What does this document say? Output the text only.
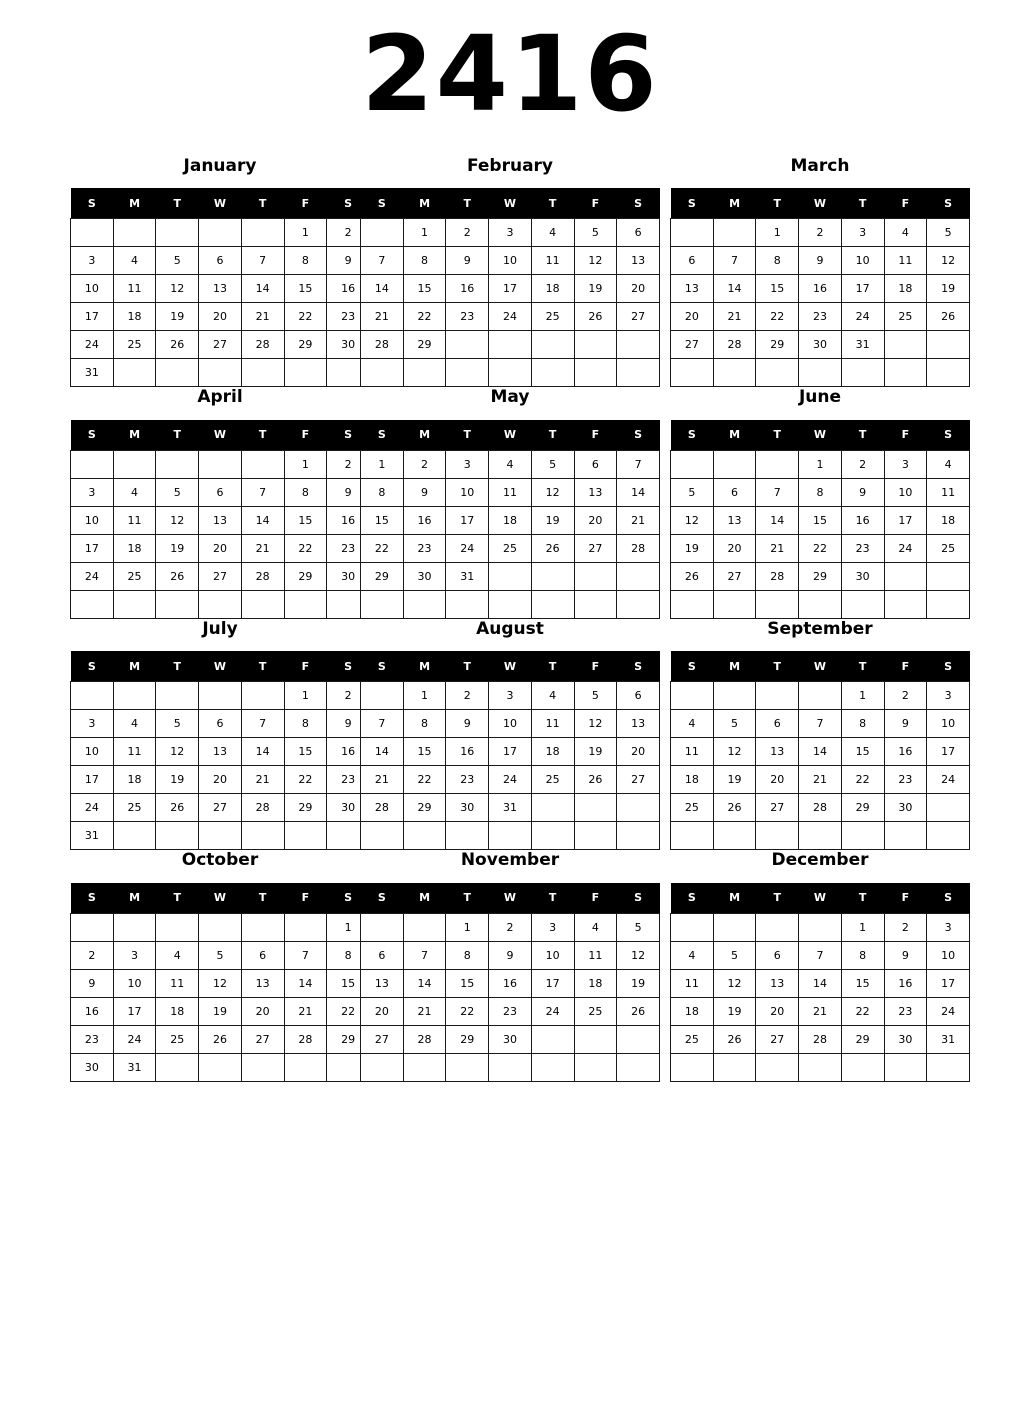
2416
January
S	M	T	W	T	F	S
					1	2
3	4	5	6	7	8	9
10	11	12	13	14	15	16
17	18	19	20	21	22	23
24	25	26	27	28	29	30
31						
February
S	M	T	W	T	F	S
	1	2	3	4	5	6
7	8	9	10	11	12	13
14	15	16	17	18	19	20
21	22	23	24	25	26	27
28	29					

March
S	M	T	W	T	F	S
		1	2	3	4	5
6	7	8	9	10	11	12
13	14	15	16	17	18	19
20	21	22	23	24	25	26
27	28	29	30	31		

April
S	M	T	W	T	F	S
					1	2
3	4	5	6	7	8	9
10	11	12	13	14	15	16
17	18	19	20	21	22	23
24	25	26	27	28	29	30

May
S	M	T	W	T	F	S
1	2	3	4	5	6	7
8	9	10	11	12	13	14
15	16	17	18	19	20	21
22	23	24	25	26	27	28
29	30	31				

June
S	M	T	W	T	F	S
			1	2	3	4
5	6	7	8	9	10	11
12	13	14	15	16	17	18
19	20	21	22	23	24	25
26	27	28	29	30		

July
S	M	T	W	T	F	S
					1	2
3	4	5	6	7	8	9
10	11	12	13	14	15	16
17	18	19	20	21	22	23
24	25	26	27	28	29	30
31						
August
S	M	T	W	T	F	S
	1	2	3	4	5	6
7	8	9	10	11	12	13
14	15	16	17	18	19	20
21	22	23	24	25	26	27
28	29	30	31			

September
S	M	T	W	T	F	S
				1	2	3
4	5	6	7	8	9	10
11	12	13	14	15	16	17
18	19	20	21	22	23	24
25	26	27	28	29	30	

October
S	M	T	W	T	F	S
						1
2	3	4	5	6	7	8
9	10	11	12	13	14	15
16	17	18	19	20	21	22
23	24	25	26	27	28	29
30	31					
November
S	M	T	W	T	F	S
		1	2	3	4	5
6	7	8	9	10	11	12
13	14	15	16	17	18	19
20	21	22	23	24	25	26
27	28	29	30			

December
S	M	T	W	T	F	S
				1	2	3
4	5	6	7	8	9	10
11	12	13	14	15	16	17
18	19	20	21	22	23	24
25	26	27	28	29	30	31
